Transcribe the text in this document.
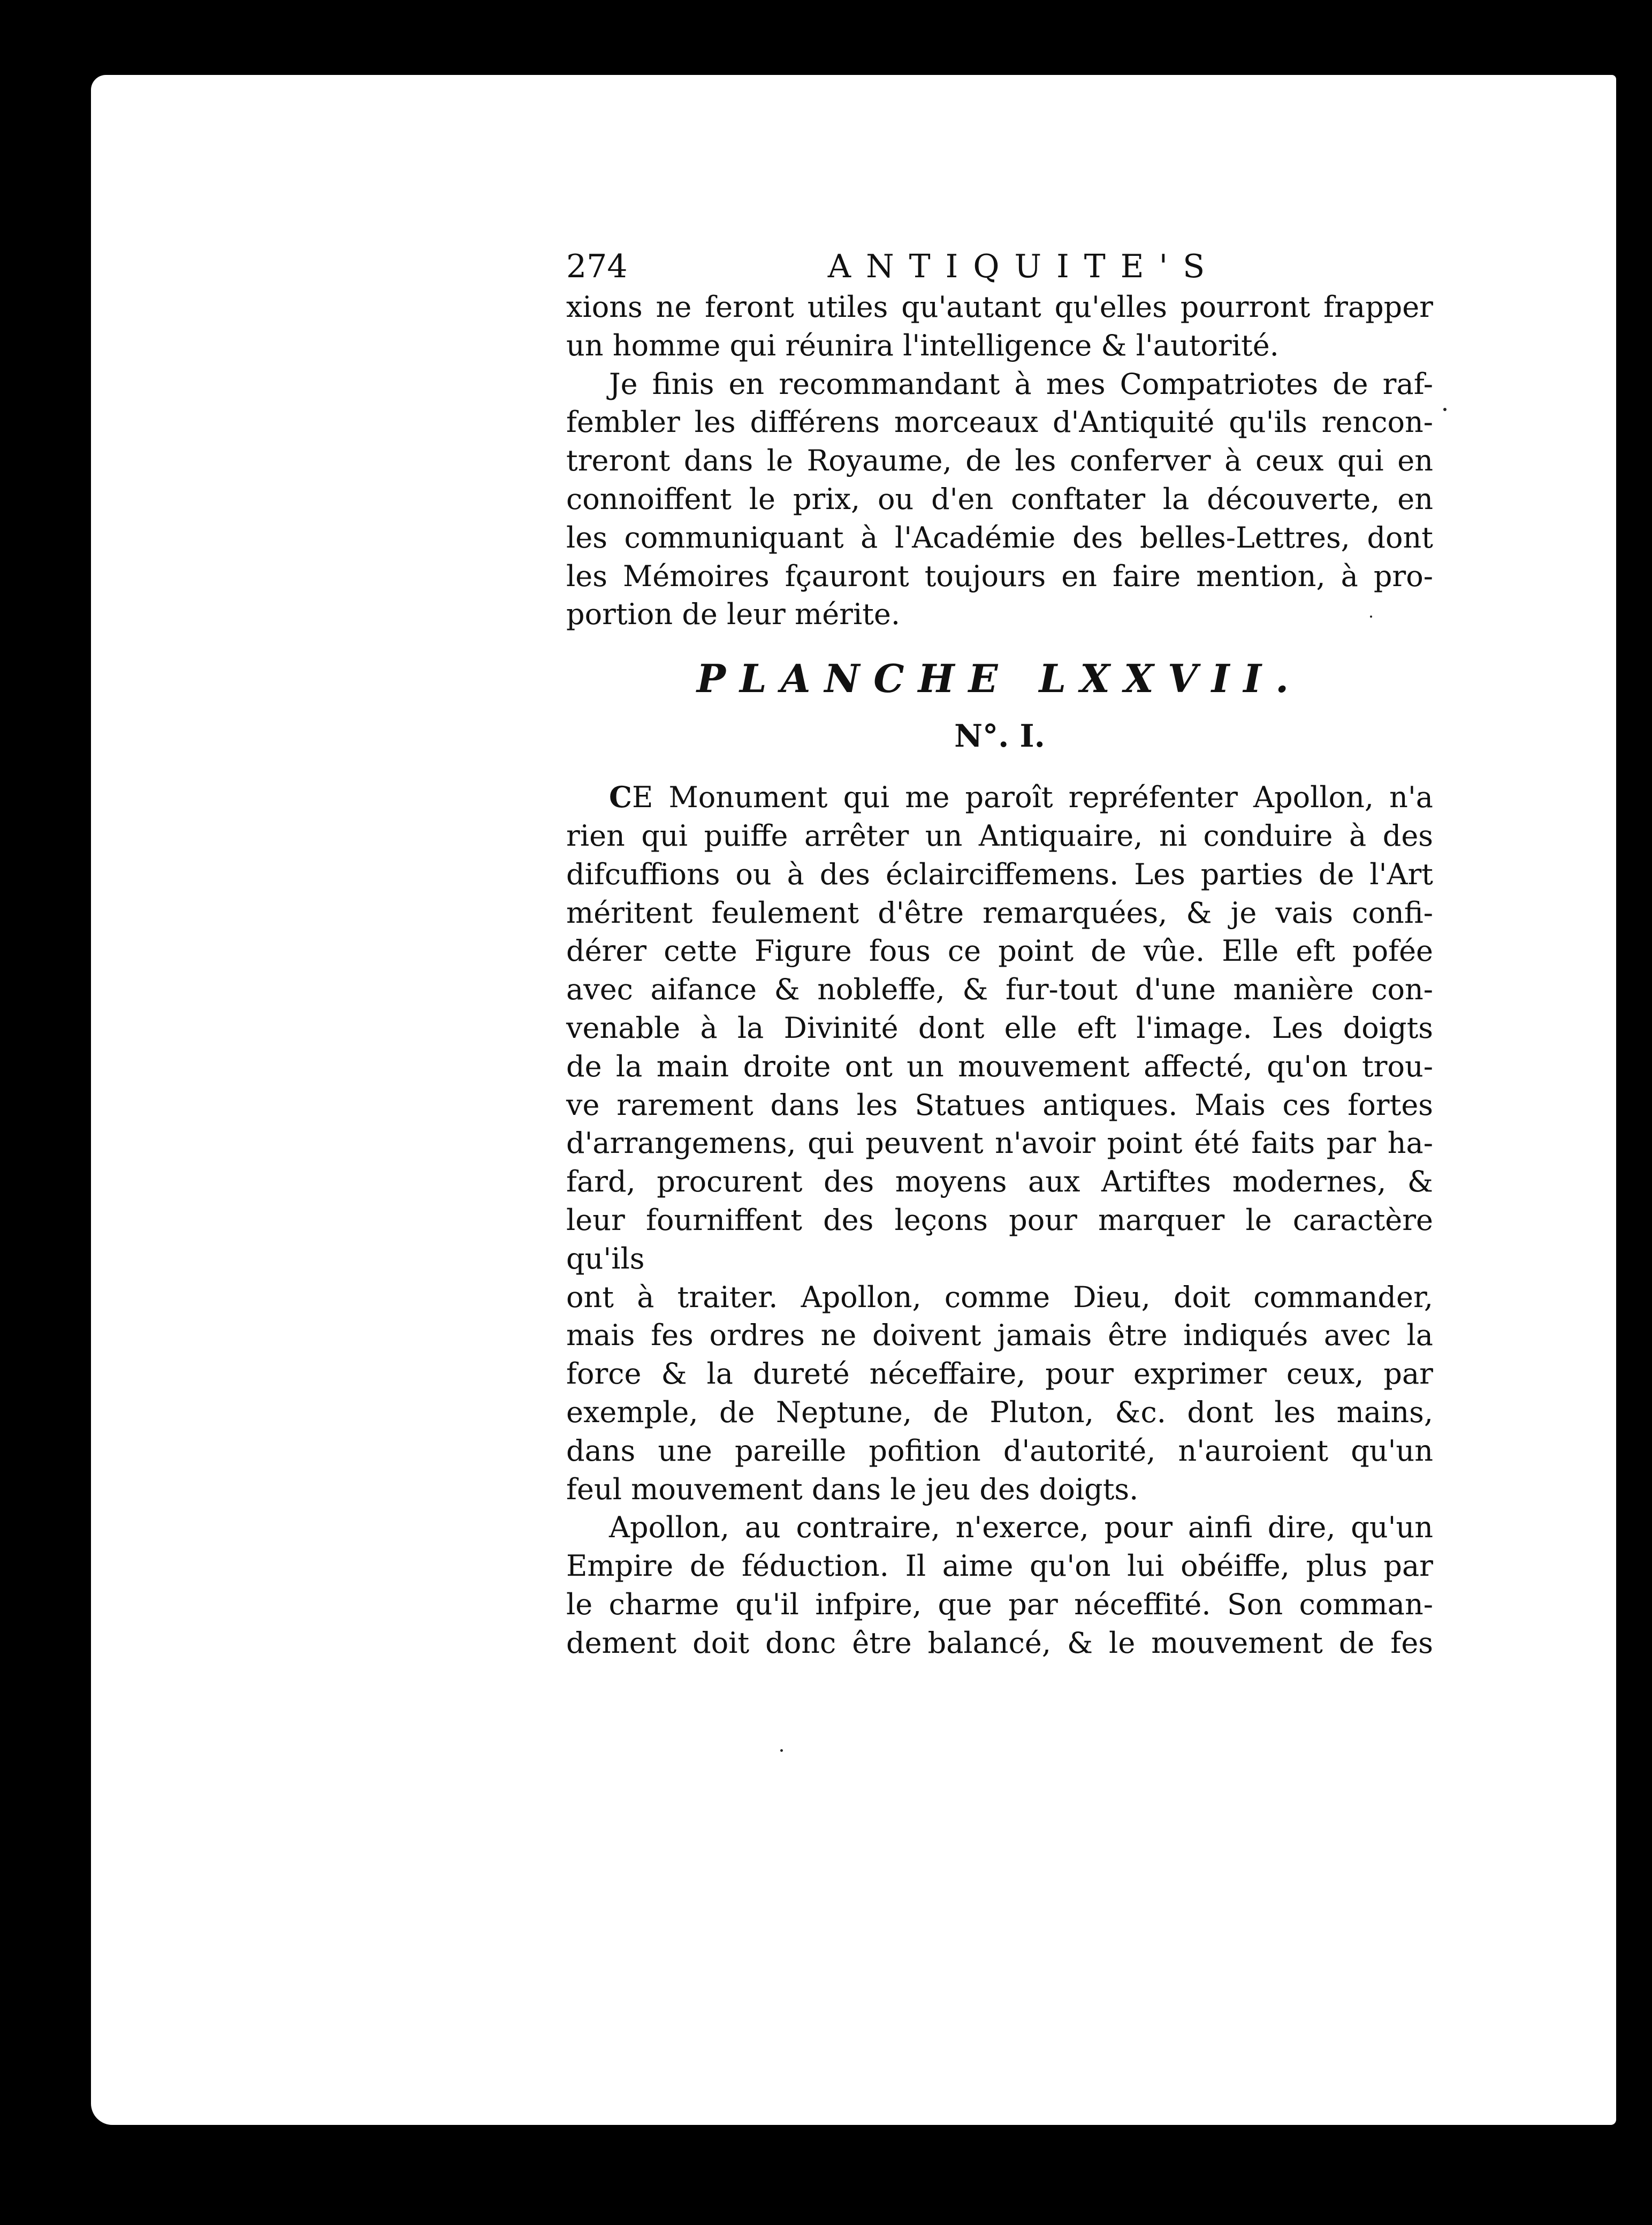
274	ANTIQUITE'S

xions ne feront utiles qu'autant qu'elles pourront frapper
un homme qui réunira l'intelligence & l'autorité.

Je finis en recommandant à mes Compatriotes de raf-
fembler les différens morceaux d'Antiquité qu'ils rencon-
treront dans le Royaume, de les conferver à ceux qui en
connoiffent le prix, ou d'en conftater la découverte, en
les communiquant à l'Académie des belles-Lettres, dont
les Mémoires fçauront toujours en faire mention, à pro-
portion de leur mérite.

PLANCHE LXXVII.
N°. I.

CE Monument qui me paroît repréfenter Apollon, n'a
rien qui puiffe arrêter un Antiquaire, ni conduire à des
difcuffions ou à des éclairciffemens. Les parties de l'Art
méritent feulement d'être remarquées, & je vais confi-
dérer cette Figure fous ce point de vûe. Elle eft pofée
avec aifance & nobleffe, & fur-tout d'une manière con-
venable à la Divinité dont elle eft l'image. Les doigts
de la main droite ont un mouvement affecté, qu'on trou-
ve rarement dans les Statues antiques. Mais ces fortes
d'arrangemens, qui peuvent n'avoir point été faits par ha-
fard, procurent des moyens aux Artiftes modernes, &
leur fourniffent des leçons pour marquer le caractère qu'ils
ont à traiter. Apollon, comme Dieu, doit commander,
mais fes ordres ne doivent jamais être indiqués avec la
force & la dureté néceffaire, pour exprimer ceux, par
exemple, de Neptune, de Pluton, &c. dont les mains,
dans une pareille pofition d'autorité, n'auroient qu'un
feul mouvement dans le jeu des doigts.

Apollon, au contraire, n'exerce, pour ainfi dire, qu'un
Empire de féduction. Il aime qu'on lui obéiffe, plus par
le charme qu'il infpire, que par néceffité. Son comman-
dement doit donc être balancé, & le mouvement de fes
